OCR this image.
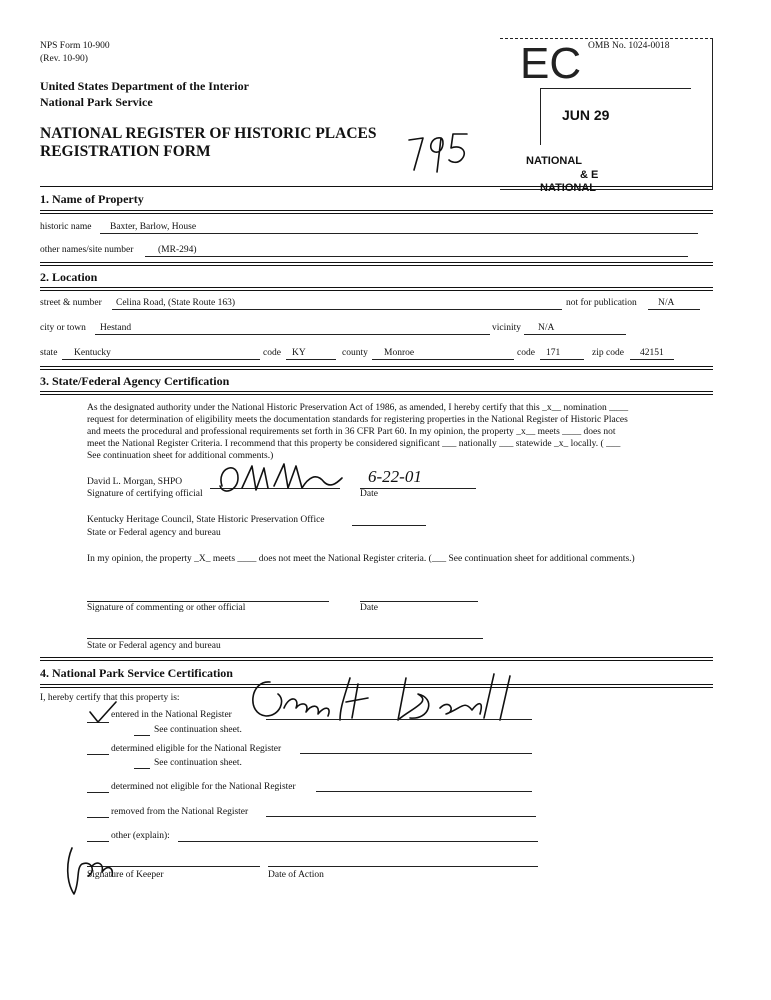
NPS Form 10-900
(Rev. 10-90)
OMB No. 1024-0018
United States Department of the Interior
National Park Service
NATIONAL REGISTER OF HISTORIC PLACES
REGISTRATION FORM
EC
JUN 29
NATIONAL
& E
NATIONAL
1. Name of Property
historic name Baxter, Barlow, House
other names/site number	(MR-294)
2. Location
street & number Celina Road, (State Route 163)	not for publication N/A
city or town Hestand	vicinity N/A
state Kentucky	code KY	county Monroe	code 171	zip code 42151
3. State/Federal Agency Certification
As the designated authority under the National Historic Preservation Act of 1986, as amended, I hereby certify that this _x__ nomination ____
request for determination of eligibility meets the documentation standards for registering properties in the National Register of Historic Places
and meets the procedural and professional requirements set forth in 36 CFR Part 60. In my opinion, the property _x__ meets ____ does not
meet the National Register Criteria. I recommend that this property be considered significant ___ nationally ___ statewide _x_ locally. ( ___
See continuation sheet for additional comments.)
David L. Morgan, SHPO
Signature of certifying official	Date
6-22-01
Kentucky Heritage Council, State Historic Preservation Office
State or Federal agency and bureau
In my opinion, the property _X_ meets ____ does not meet the National Register criteria. (___ See continuation sheet for additional comments.)
Signature of commenting or other official	Date
State or Federal agency and bureau
4. National Park Service Certification
I, hereby certify that this property is:
entered in the National Register
See continuation sheet.
determined eligible for the National Register
See continuation sheet.
determined not eligible for the National Register
removed from the National Register
other (explain):
Signature of Keeper	Date of Action
